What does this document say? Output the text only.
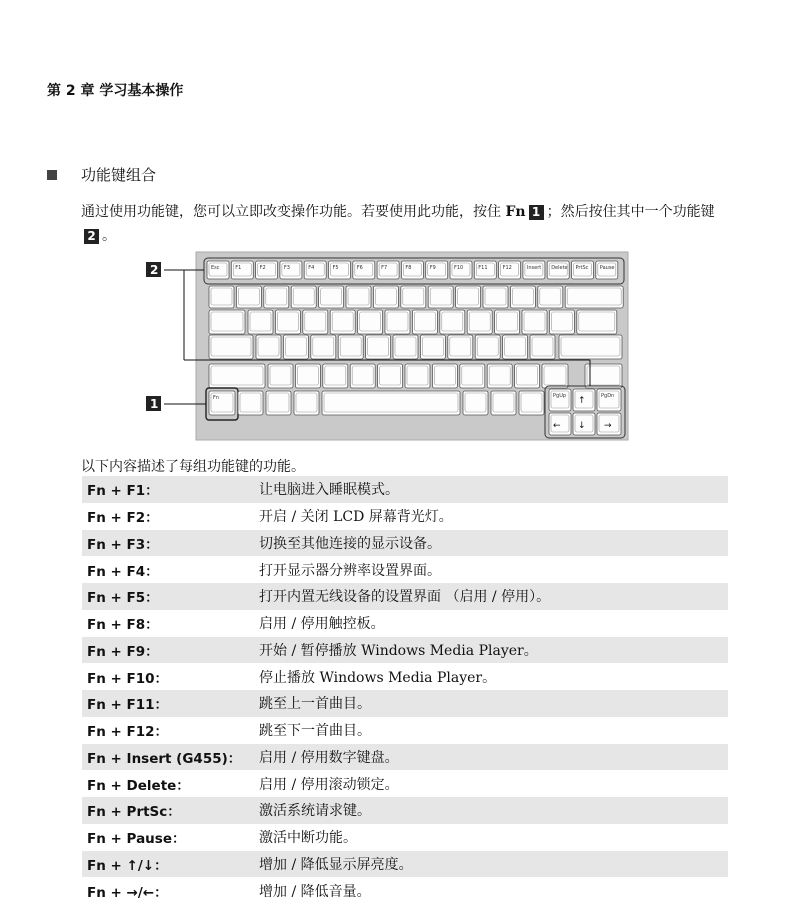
第 2 章 学习基本操作
功能键组合
通过使用功能键，您可以立即改变操作功能。若要使用此功能，按住 Fn 1 ；然后按住其中一个功能键 2 。
Esc	F1	F2	F3	F4	F5	F6	F7	F8	F9	F10	F11	F12	Insert Delete PrtSc Pause
Fn	PgUp	PgDn
↑
↓
←	→
2
1
以下内容描述了每组功能键的功能。
Fn + F1：	让电脑进入睡眠模式。
Fn + F2：	开启 / 关闭 LCD 屏幕背光灯。
Fn + F3：	切换至其他连接的显示设备。
Fn + F4：	打开显示器分辨率设置界面。
Fn + F5：	打开内置无线设备的设置界面 （启用 / 停用）。
Fn + F8：	启用 / 停用触控板。
Fn + F9：	开始 / 暂停播放 Windows Media Player。
Fn + F10：	停止播放 Windows Media Player。
Fn + F11：	跳至上一首曲目。
Fn + F12：	跳至下一首曲目。
Fn + Insert (G455)：	启用 / 停用数字键盘。
Fn + Delete：	启用 / 停用滚动锁定。
Fn + PrtSc：	激活系统请求键。
Fn + Pause：	激活中断功能。
Fn + ↑/↓：	增加 / 降低显示屏亮度。
Fn + →/←：	增加 / 降低音量。
